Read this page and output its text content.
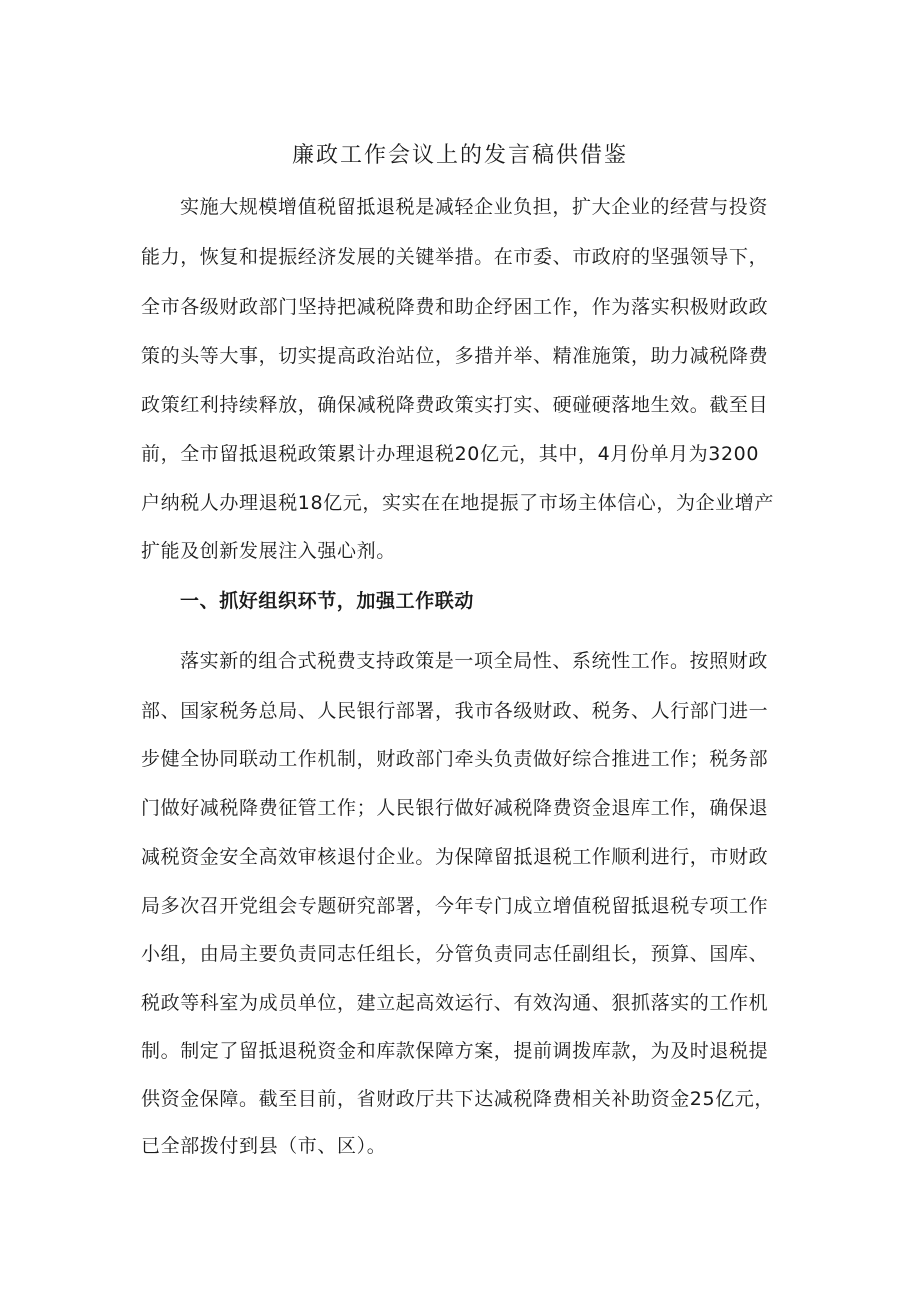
廉政工作会议上的发言稿供借鉴
实施大规模增值税留抵退税是减轻企业负担，扩大企业的经营与投资
能力，恢复和提振经济发展的关键举措。在市委、市政府的坚强领导下，
全市各级财政部门坚持把减税降费和助企纾困工作，作为落实积极财政政
策的头等大事，切实提高政治站位，多措并举、精准施策，助力减税降费
政策红利持续释放，确保减税降费政策实打实、硬碰硬落地生效。截至目
前，全市留抵退税政策累计办理退税20亿元，其中，4月份单月为3200
户纳税人办理退税18亿元，实实在在地提振了市场主体信心，为企业增产
扩能及创新发展注入强心剂。
一、抓好组织环节，加强工作联动
落实新的组合式税费支持政策是一项全局性、系统性工作。按照财政
部、国家税务总局、人民银行部署，我市各级财政、税务、人行部门进一
步健全协同联动工作机制，财政部门牵头负责做好综合推进工作；税务部
门做好减税降费征管工作；人民银行做好减税降费资金退库工作，确保退
减税资金安全高效审核退付企业。为保障留抵退税工作顺利进行，市财政
局多次召开党组会专题研究部署，今年专门成立增值税留抵退税专项工作
小组，由局主要负责同志任组长，分管负责同志任副组长，预算、国库、
税政等科室为成员单位，建立起高效运行、有效沟通、狠抓落实的工作机
制。制定了留抵退税资金和库款保障方案，提前调拨库款，为及时退税提
供资金保障。截至目前，省财政厅共下达减税降费相关补助资金25亿元，
已全部拨付到县（市、区）。
